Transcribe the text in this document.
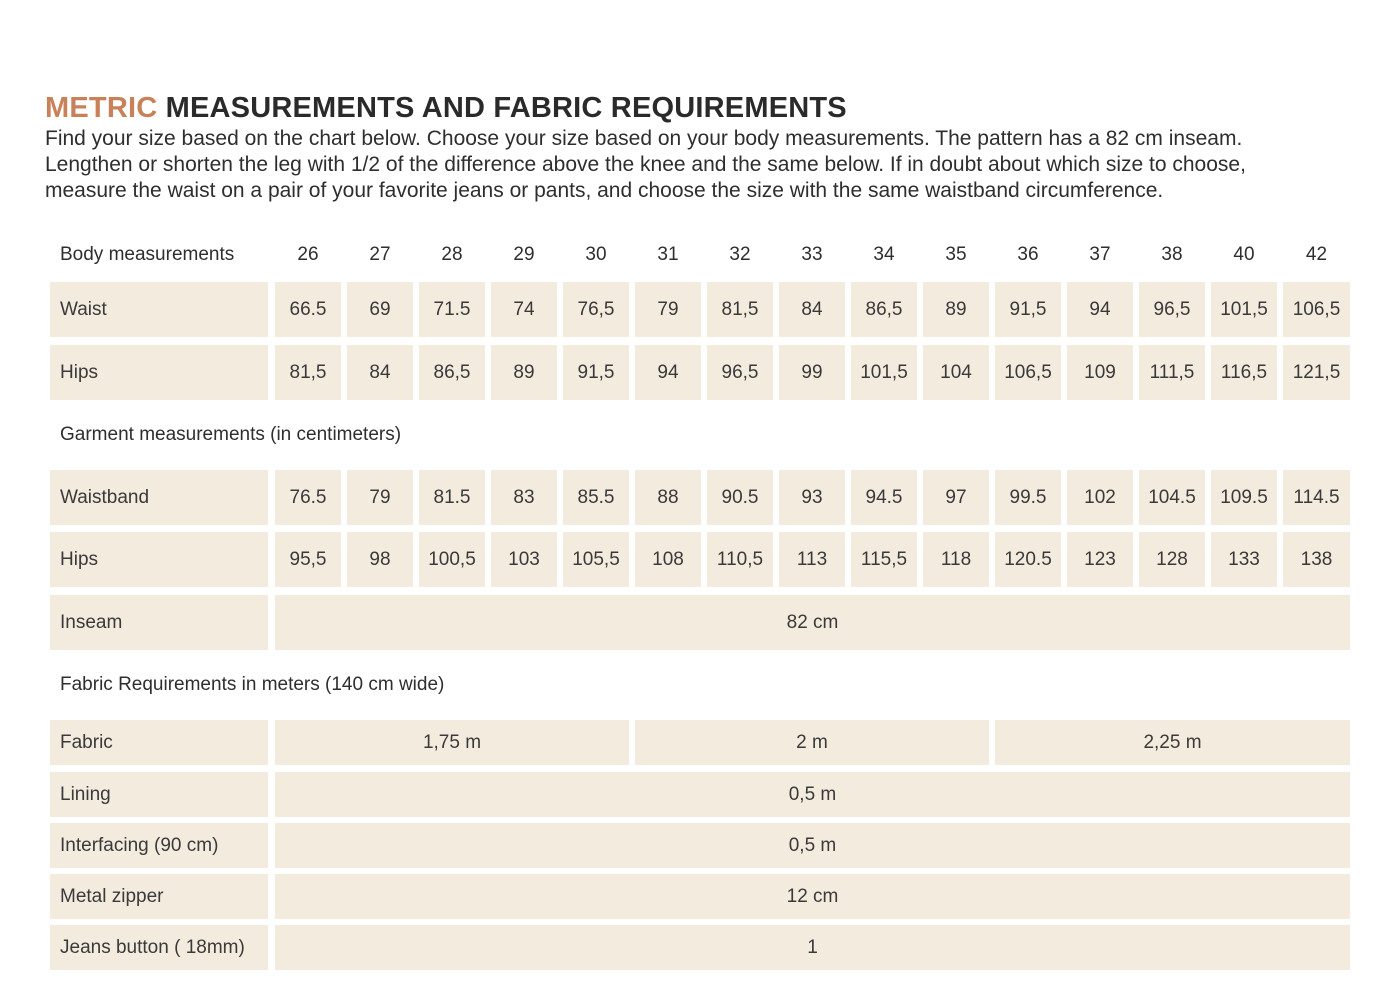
METRIC MEASUREMENTS AND FABRIC REQUIREMENTS

Find your size based on the chart below. Choose your size based on your body measurements. The pattern has a 82 cm inseam.

Lengthen or shorten the leg with 1/2 of the difference above the knee and the same below. If in doubt about which size to choose,

measure the waist on a pair of your favorite jeans or pants, and choose the size with the same waistband circumference.

Body measurements	26	27	28	29	30	31	32	33	34	35	36	37	38	40	42
Waist	66.5	69	71.5	74	76,5	79	81,5	84	86,5	89	91,5	94	96,5	101,5	106,5
Hips	81,5	84	86,5	89	91,5	94	96,5	99	101,5	104	106,5	109	111,5	116,5	121,5
Garment measurements (in centimeters)
Waistband	76.5	79	81.5	83	85.5	88	90.5	93	94.5	97	99.5	102	104.5	109.5	114.5
Hips	95,5	98	100,5	103	105,5	108	110,5	113	115,5	118	120.5	123	128	133	138
Inseam	82 cm
Fabric Requirements in meters (140 cm wide)
Fabric	1,75 m	2 m	2,25 m
Lining	0,5 m
Interfacing (90 cm)	0,5 m
Metal zipper	12 cm
Jeans button ( 18mm)	1
